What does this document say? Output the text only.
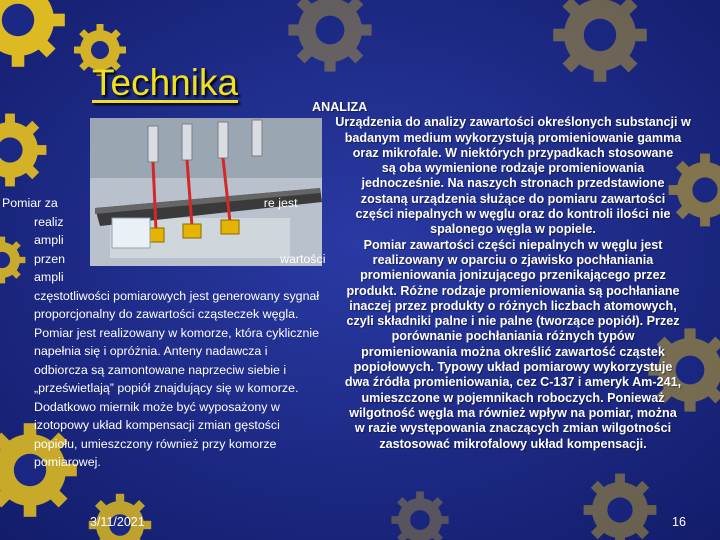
Technika
Pomiar za	re jest
realiz
ampli
przen	wartości
ampli
częstotliwości pomiarowych jest generowany sygnał
proporcjonalny do zawartości cząsteczek węgla.
Pomiar jest realizowany w komorze, która cyklicznie
napełnia się i opróżnia. Anteny nadawcza i
odbiorcza są zamontowane naprzeciw siebie i
„prześwietlają” popiół znajdujący się w komorze.
Dodatkowo miernik może być wyposażony w
izotopowy układ kompensacji zmian gęstości
popiołu, umieszczony również przy komorze
pomiarowej.
ANALIZA
Urządzenia do analizy zawartości określonych substancji w
badanym medium wykorzystują promieniowanie gamma
oraz mikrofale. W niektórych przypadkach stosowane
są oba wymienione rodzaje promieniowania
jednocześnie. Na naszych stronach przedstawione
zostaną urządzenia służące do pomiaru zawartości
części niepalnych w węglu oraz do kontroli ilości nie
spalonego węgla w popiele.
Pomiar zawartości części niepalnych w węglu jest
realizowany w oparciu o zjawisko pochłaniania
promieniowania jonizującego przenikającego przez
produkt. Różne rodzaje promieniowania są pochłaniane
inaczej przez produkty o różnych liczbach atomowych,
czyli składniki palne i nie palne (tworzące popiół). Przez
porównanie pochłaniania różnych typów
promieniowania można określić zawartość cząstek
popiołowych. Typowy układ pomiarowy wykorzystuje
dwa źródła promieniowania, cez C-137 i ameryk Am-241,
umieszczone w pojemnikach roboczych. Ponieważ
wilgotność węgla ma również wpływ na pomiar, można
w razie występowania znaczących zmian wilgotności
zastosować mikrofalowy układ kompensacji.
3/11/2021	16
